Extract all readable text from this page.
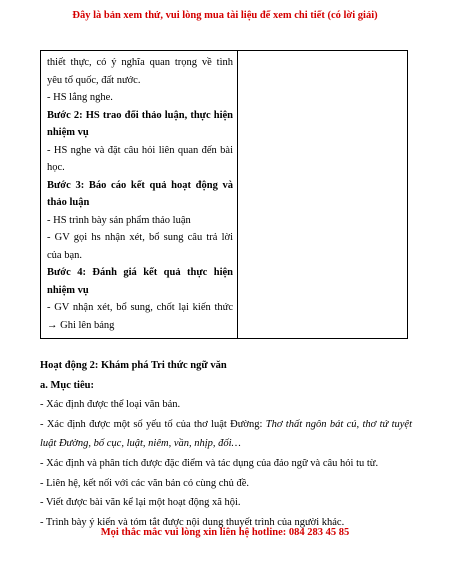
Đây là bản xem thử, vui lòng mua tài liệu để xem chi tiết (có lời giải)

thiết thực, có ý nghĩa quan trọng về tình

yêu tổ quốc, đất nước.

- HS lắng nghe.

Bước 2: HS trao đổi thảo luận, thực hiện

nhiệm vụ

- HS nghe và đặt câu hỏi liên quan đến bài

học.

Bước 3: Báo cáo kết quả hoạt động và

thảo luận

- HS trình bày sản phẩm thảo luận

- GV gọi hs nhận xét, bổ sung câu trả lời

của bạn.

Bước 4: Đánh giá kết quả thực hiện

nhiệm vụ

- GV nhận xét, bổ sung, chốt lại kiến thức

→ Ghi lên bảng

Hoạt động 2: Khám phá Tri thức ngữ văn

a. Mục tiêu:

- Xác định được thể loại văn bản.

- Xác định được một số yếu tố của thơ luật Đường: Thơ thất ngôn bát cú, thơ tứ tuyệt luật Đường, bố cục, luật, niêm, vần, nhịp, đối…

- Xác định và phân tích được đặc điểm và tác dụng của đảo ngữ và câu hỏi tu từ.

- Liên hệ, kết nối với các văn bản có cùng chủ đề.

- Viết được bài văn kể lại một hoạt động xã hội.

- Trình bày ý kiến và tóm tắt được nội dung thuyết trình của người khác.

Mọi thắc mắc vui lòng xin liên hệ hotline: 084 283 45 85
